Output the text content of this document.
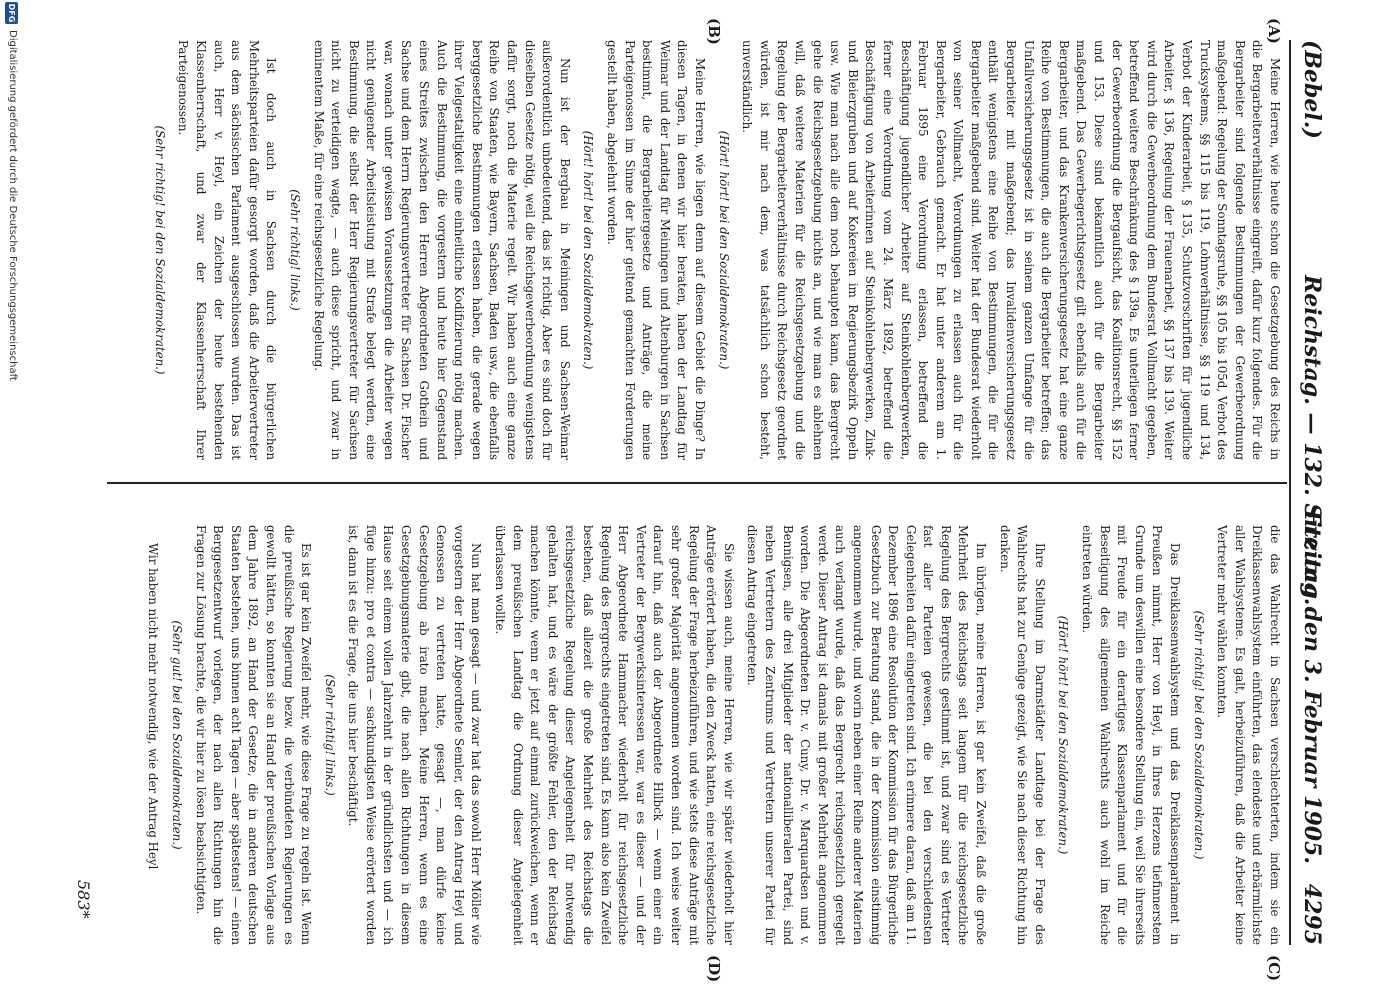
(Bebel.)
Reichstag. — 132. Sitzung.
Freitag den 3. Februar 1905.
4295
(A)
(B)
(C)
(D)

Meine Herren, wie heute schon die Gesetzgebung des Reichs in die Bergarbeiterverhältnisse eingreift, dafür kurz folgendes. Für die Bergarbeiter sind folgende Bestimmungen der Gewerbeordnung maßgebend: Regelung der Sonntagsruhe, §§ 105 bis 105d, Verbot des Trucksystems, §§ 115 bis 119, Lohnverhältnisse, §§ 119 und 134, Verbot der Kinderarbeit, § 135, Schutzvorschriften für jugendliche Arbeiter, § 136, Regelung der Frauenarbeit, §§ 137 bis 139. Weiter wird durch die Gewerbeordnung dem Bundesrat Vollmacht gegeben, betreffend weitere Beschränkung des § 139a. Es unterliegen ferner der Gewerbeordnung die Bergaufsicht, das Koalitionsrecht, §§ 152 und 153. Diese sind bekanntlich auch für die Bergarbeiter maßgebend. Das Gewerbegerichtsgesetz gilt ebenfalls auch für die Bergarbeiter, und das Krankenversicherungsgesetz hat eine ganze Reihe von Bestimmungen, die auch die Bergarbeiter betreffen; das Unfallversicherungsgesetz ist in seinem ganzen Umfange für die Bergarbeiter mit maßgebend; das Invalidenversicherungsgesetz enthält wenigstens eine Reihe von Bestimmungen, die für die Bergarbeiter maßgebend sind. Weiter hat der Bundesrat wiederholt von seiner Vollmacht, Verordnungen zu erlassen auch für die Bergarbeiter, Gebrauch gemacht. Er hat unter anderem am 1. Februar 1895 eine Verordnung erlassen, betreffend die Beschäftigung jugendlicher Arbeiter auf Steinkohlenbergwerken, ferner eine Verordnung vom 24. März 1892, betreffend die Beschäftigung von Arbeiterinnen auf Steinkohlenbergwerken, Zink- und Bleierzgruben und auf Kokereien im Regierungsbezirk Oppeln usw. Wie man nach alle dem noch behaupten kann, das Bergrecht gehe die Reichsgesetzgebung nichts an, und wie man es ablehnen will, daß weitere Materien für die Reichsgesetzgebung und die Regelung der Bergarbeiterverhältnisse durch Reichsgesetz geordnet würden, ist mir nach dem, was tatsächlich schon besteht, unverständlich.

(Hört! hört! bei den Sozialdemokraten.)

Meine Herren, wie liegen denn auf diesem Gebiet die Dinge? In diesen Tagen, in denen wir hier beraten, haben der Landtag für Weimar und der Landtag für Meiningen und Altenburgen in Sachsen bestimmt, die Bergarbeitergesetze und Anträge, die meine Parteigenossen im Sinne der hier geltend gemachten Forderungen gestellt haben, abgelehnt worden.

(Hört! hört! bei den Sozialdemokraten.)

Nun ist der Bergbau in Meiningen und Sachsen-Weimar außerordentlich unbedeutend, das ist richtig. Aber es sind doch für dieselben Gesetze nötig, weil die Reichsgewerbeordnung wenigstens dafür sorgt, noch die Materie regelt. Wir haben auch eine ganze Reihe von Staaten, wie Bayern, Sachsen, Baden usw., die ebenfalls berggesetzliche Bestimmungen erlassen haben, die gerade wegen ihrer Vielgestaltigkeit eine einheitliche Kodifizierung nötig machen. Auch die Bestimmung, die vorgestern und heute hier Gegenstand eines Streites zwischen den Herren Abgeordneten Gothein und Sachse und dem Herrn Regierungsvertreter für Sachsen Dr. Fischer war, wonach unter gewissen Voraussetzungen die Arbeiter wegen nicht genügender Arbeitsleistung mit Strafe belegt werden, eine Bestimmung, die selbst der Herr Regierungsvertreter für Sachsen nicht zu verteidigen wagte, — auch diese spricht, und zwar in eminentem Maße, für eine reichsgesetzliche Regelung.

(Sehr richtig! links.)

Ist doch auch in Sachsen durch die bürgerlichen Mehrheitsparteien dafür gesorgt worden, daß die Arbeitervertreter aus dem sächsischen Parlament ausgeschlossen wurden. Das ist auch, Herr v. Heyl, ein Zeichen der heute bestehenden Klassenherrschaft, und zwar der Klassenherrschaft Ihrer Parteigenossen.

(Sehr richtig! bei den Sozialdemokraten.)

die das Wahlrecht in Sachsen verschlechterten, indem sie ein Dreiklassenwahlsystem einführten, das elendeste und erbärmlichste aller Wahlsysteme. Es galt, herbeizuführen, daß die Arbeiter keine Vertreter mehr wählen konnten.

(Sehr richtig! bei den Sozialdemokraten.)

Das Dreiklassenwahlsystem und das Dreiklassenparlament in Preußen nimmt, Herr von Heyl, in Ihres Herzens tiefinnerstem Grunde um deswillen eine besondere Stellung ein, weil Sie ihrerseits mit Freude für ein derartiges Klassenparlament und für die Beseitigung des allgemeinen Wahlrechts auch wohl im Reiche eintreten würden.

(Hört! hört! bei den Sozialdemokraten.)

Ihre Stellung im Darmstädter Landtage bei der Frage des Wahlrechts hat zur Genüge gezeigt, wie Sie nach dieser Richtung hin denken.

Im übrigen, meine Herren, ist gar kein Zweifel, daß die große Mehrheit des Reichstags seit langem für die reichsgesetzliche Regelung des Bergrechts gestimmt ist, und zwar sind es Vertreter fast aller Parteien gewesen, die bei den verschiedensten Gelegenheiten dafür eingetreten sind. Ich erinnere daran, daß am 11. Dezember 1896 eine Resolution der Kommission für das Bürgerliche Gesetzbuch zur Beratung stand, die in der Kommission einstimmig angenommen wurde, und worin neben einer Reihe anderer Materien auch verlangt wurde, daß das Bergrecht reichsgesetzlich geregelt werde. Dieser Antrag ist damals mit großer Mehrheit angenommen worden. Die Abgeordneten Dr. v. Cuny, Dr. v. Marquardsen und v. Bennigsen, alle drei Mitglieder der nationalliberalen Partei, sind neben Vertretern des Zentrums und Vertretern unserer Partei für diesen Antrag eingetreten.

Sie wissen auch, meine Herren, wie wir später wiederholt hier Anträge erörtert haben, die den Zweck hatten, eine reichsgesetzliche Regelung der Frage herbeizuführen, und wie stets diese Anträge mit sehr großer Majorität angenommen worden sind. Ich weise weiter darauf hin, daß auch der Abgeordnete Hilbck — wenn einer ein Vertreter der Bergwerksinteressen war, war es dieser — und der Herr Abgeordnete Hammacher wiederholt für reichsgesetzliche Regelung des Bergrechts eingetreten sind. Es kann also kein Zweifel bestehen, daß allezeit die große Mehrheit des Reichstags die reichsgesetzliche Regelung dieser Angelegenheit für notwendig gehalten hat, und es wäre der größte Fehler, den der Reichstag machen könnte, wenn er jetzt auf einmal zurückweichen, wenn er dem preußischen Landtag die Ordnung dieser Angelegenheit überlassen wollte.

Nun hat man gesagt — und zwar hat das sowohl Herr Möller wie vorgestern der Herr Abgeordnete Semler, der den Antrag Heyl und Genossen zu vertreten hatte, gesagt —, man dürfe keine Gesetzgebung ab irato machen. Meine Herren, wenn es eine Gesetzgebungsmaterie gibt, die nach allen Richtungen in diesem Hause seit einem vollen Jahrzehnt in der gründlichsten und — ich füge hinzu: pro et contra — sachkundigsten Weise erörtert worden ist, dann ist es die Frage, die uns hier beschäftigt.

(Sehr richtig! links.)

Es ist gar kein Zweifel mehr, wie diese Frage zu regeln ist. Wenn die preußische Regierung bezw. die verbündeten Regierungen es gewollt hätten, so konnten sie an Hand der preußischen Vorlage aus dem Jahre 1892, an Hand der Gesetze, die in anderen deutschen Staaten bestehen, uns binnen acht Tagen — aber spätestens! — einen Berggesetzentwurf vorlegen, der nach allen Richtungen hin die Fragen zur Lösung brachte, die wir hier zu lösen beabsichtigten.

(Sehr gut! bei den Sozialdemokraten.)

Wir haben nicht mehr notwendig, wie der Antrag Heyl

583*
DFG
Digitalisierung gefördert durch die Deutsche Forschungsgemeinschaft
